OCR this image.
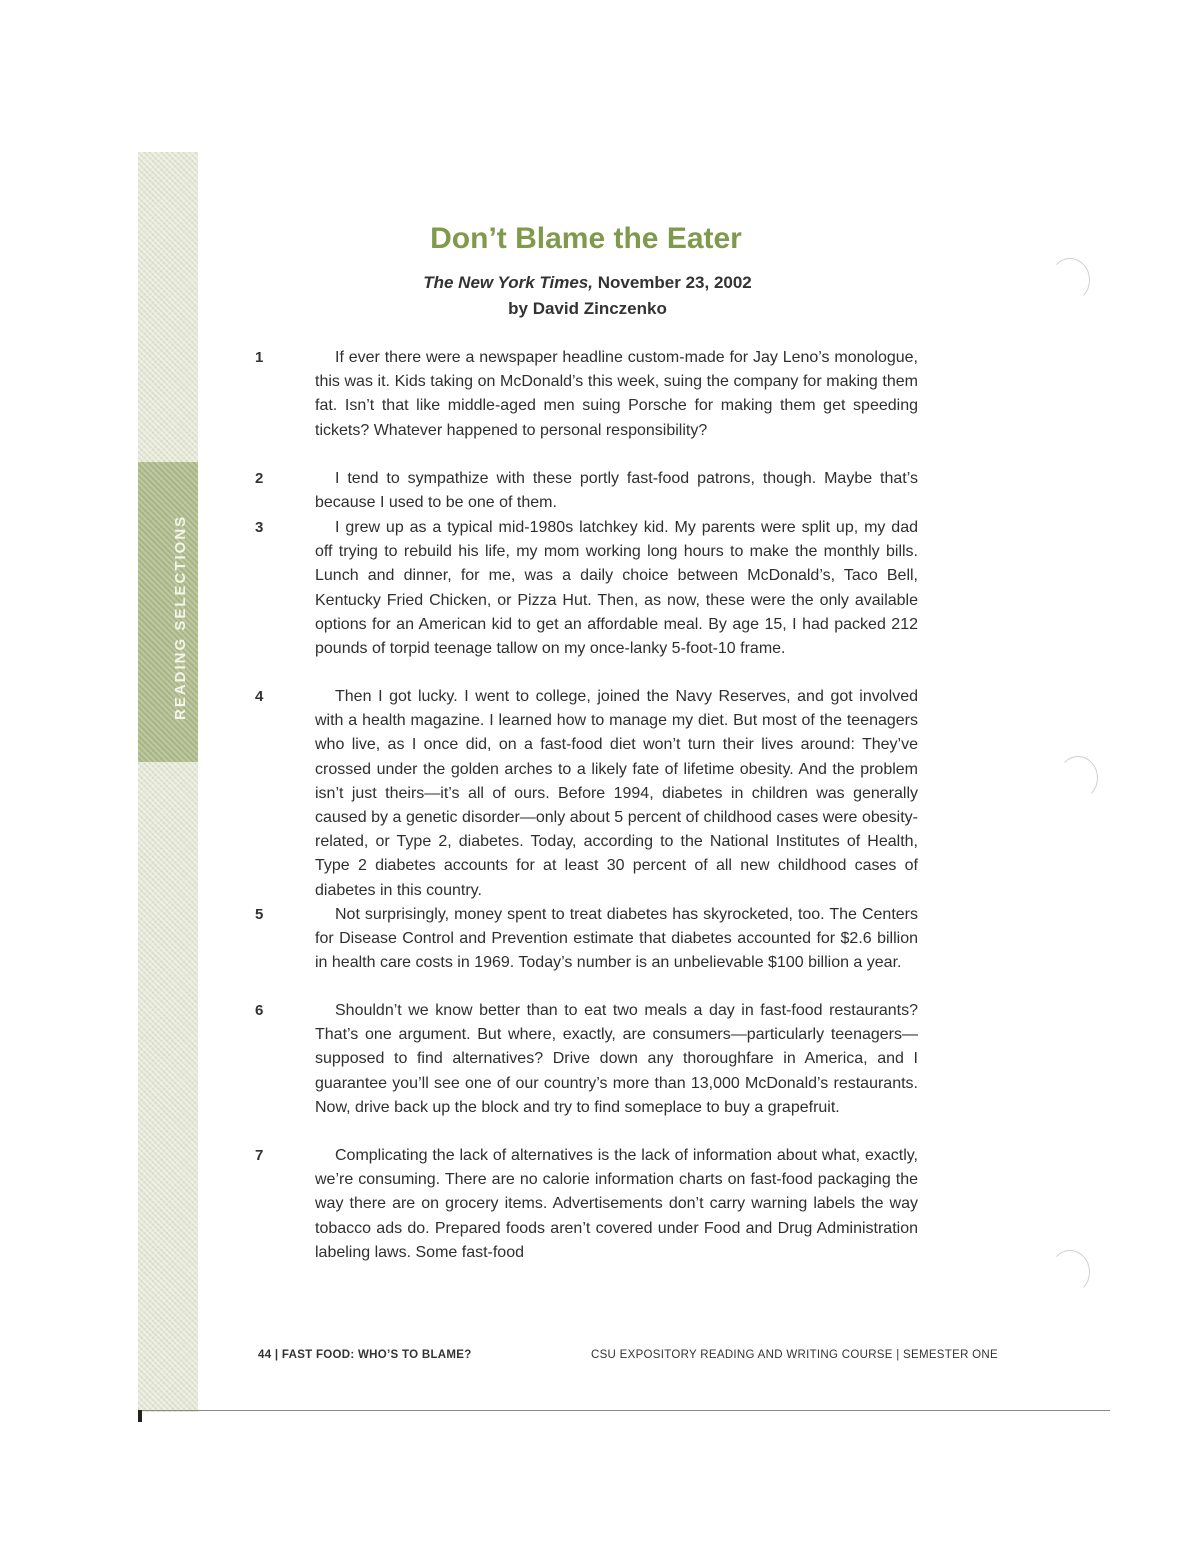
READING SELECTIONS
Don’t Blame the Eater
The New York Times, November 23, 2002
by David Zinczenko
1	If ever there were a newspaper headline custom-made for Jay Leno’s monologue, this was it. Kids taking on McDonald’s this week, suing the company for making them fat. Isn’t that like middle-aged men suing Porsche for making them get speeding tickets? Whatever happened to personal responsibility?

2	I tend to sympathize with these portly fast-food patrons, though. Maybe that’s because I used to be one of them.

3	I grew up as a typical mid-1980s latchkey kid. My parents were split up, my dad off trying to rebuild his life, my mom working long hours to make the monthly bills. Lunch and dinner, for me, was a daily choice between McDonald’s, Taco Bell, Kentucky Fried Chicken, or Pizza Hut. Then, as now, these were the only available options for an American kid to get an affordable meal. By age 15, I had packed 212 pounds of torpid teenage tallow on my once-lanky 5-foot-10 frame.

4	Then I got lucky. I went to college, joined the Navy Reserves, and got involved with a health magazine. I learned how to manage my diet. But most of the teenagers who live, as I once did, on a fast-food diet won’t turn their lives around: They’ve crossed under the golden arches to a likely fate of lifetime obesity. And the problem isn’t just theirs—it’s all of ours. Before 1994, diabetes in children was generally caused by a genetic disorder—only about 5 percent of childhood cases were obesity-related, or Type 2, diabetes. Today, according to the National Institutes of Health, Type 2 diabetes accounts for at least 30 percent of all new childhood cases of diabetes in this country.

5	Not surprisingly, money spent to treat diabetes has skyrocketed, too. The Centers for Disease Control and Prevention estimate that diabetes accounted for $2.6 billion in health care costs in 1969. Today’s number is an unbelievable $100 billion a year.

6	Shouldn’t we know better than to eat two meals a day in fast-food restaurants? That’s one argument. But where, exactly, are consumers—particularly teenagers—supposed to find alternatives? Drive down any thoroughfare in America, and I guarantee you’ll see one of our country’s more than 13,000 McDonald’s restaurants. Now, drive back up the block and try to find someplace to buy a grapefruit.

7	Complicating the lack of alternatives is the lack of information about what, exactly, we’re consuming. There are no calorie information charts on fast-food packaging the way there are on grocery items. Advertisements don’t carry warning labels the way tobacco ads do. Prepared foods aren’t covered under Food and Drug Administration labeling laws. Some fast-food

44 | FAST FOOD: WHO’S TO BLAME?	CSU EXPOSITORY READING AND WRITING COURSE | SEMESTER ONE
